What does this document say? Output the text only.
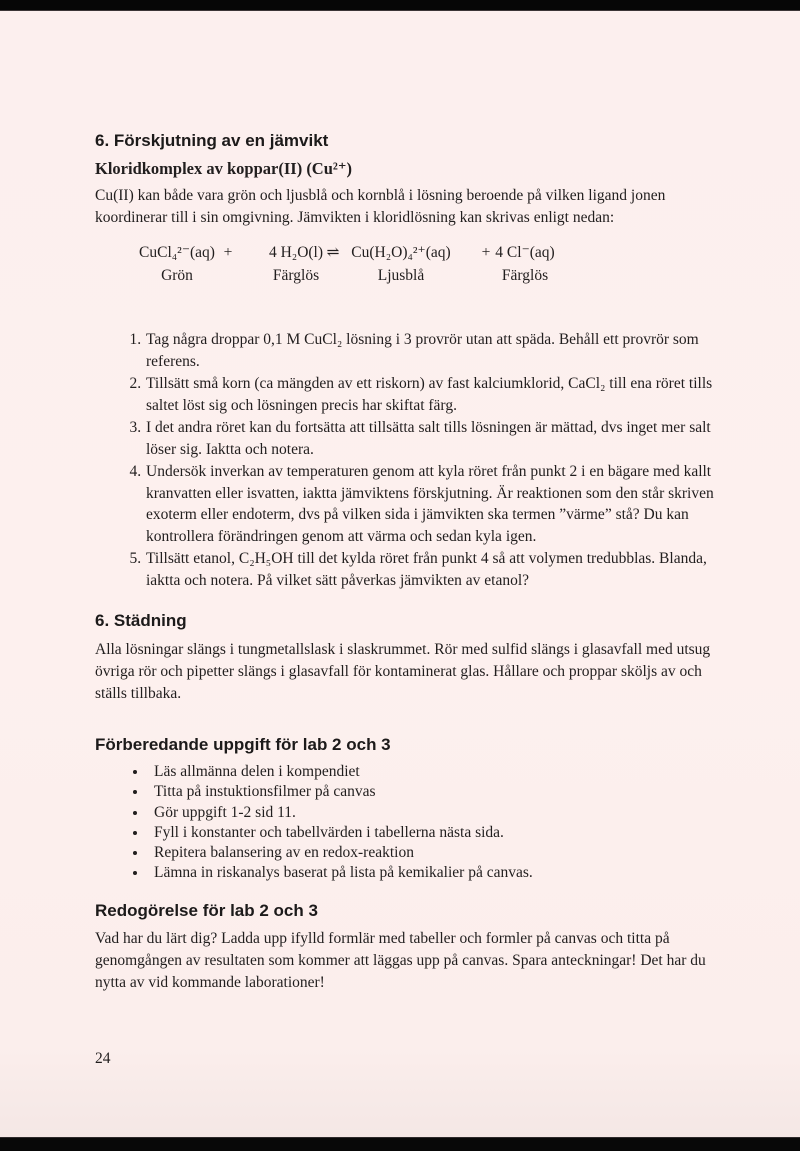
6. Förskjutning av en jämvikt
Kloridkomplex av koppar(II) (Cu²⁺)

Cu(II) kan både vara grön och ljusblå och kornblå i lösning beroende på vilken ligand jonen koordinerar till i sin omgivning. Jämvikten i kloridlösning kan skrivas enligt nedan:

CuCl₄²⁻(aq)
Grön
+	4 H₂O(l)
Färglös
⇌ Cu(H₂O)₄²⁺(aq)
Ljusblå
+ 4 Cl⁻(aq)
Färglös
1. Tag några droppar 0,1 M CuCl₂ lösning i 3 provrör utan att späda. Behåll ett provrör som referens.
2. Tillsätt små korn (ca mängden av ett riskorn) av fast kalciumklorid, CaCl₂ till ena röret tills saltet löst sig och lösningen precis har skiftat färg.
3. I det andra röret kan du fortsätta att tillsätta salt tills lösningen är mättad, dvs inget mer salt löser sig. Iaktta och notera.
4. Undersök inverkan av temperaturen genom att kyla röret från punkt 2 i en bägare med kallt kranvatten eller isvatten, iaktta jämviktens förskjutning. Är reaktionen som den står skriven exoterm eller endoterm, dvs på vilken sida i jämvikten ska termen ”värme” stå? Du kan kontrollera förändringen genom att värma och sedan kyla igen.
5. Tillsätt etanol, C₂H₅OH till det kylda röret från punkt 4 så att volymen tredubblas. Blanda, iaktta och notera. På vilket sätt påverkas jämvikten av etanol?
6. Städning

Alla lösningar slängs i tungmetallslask i slaskrummet. Rör med sulfid slängs i glasavfall med utsug övriga rör och pipetter slängs i glasavfall för kontaminerat glas. Hållare och proppar sköljs av och ställs tillbaka.

Förberedande uppgift för lab 2 och 3
• Läs allmänna delen i kompendiet
• Titta på instuktionsfilmer på canvas
• Gör uppgift 1-2 sid 11.
• Fyll i konstanter och tabellvärden i tabellerna nästa sida.
• Repitera balansering av en redox-reaktion
• Lämna in riskanalys baserat på lista på kemikalier på canvas.
Redogörelse för lab 2 och 3

Vad har du lärt dig? Ladda upp ifylld formlär med tabeller och formler på canvas och titta på genomgången av resultaten som kommer att läggas upp på canvas. Spara anteckningar! Det har du nytta av vid kommande laborationer!

24
